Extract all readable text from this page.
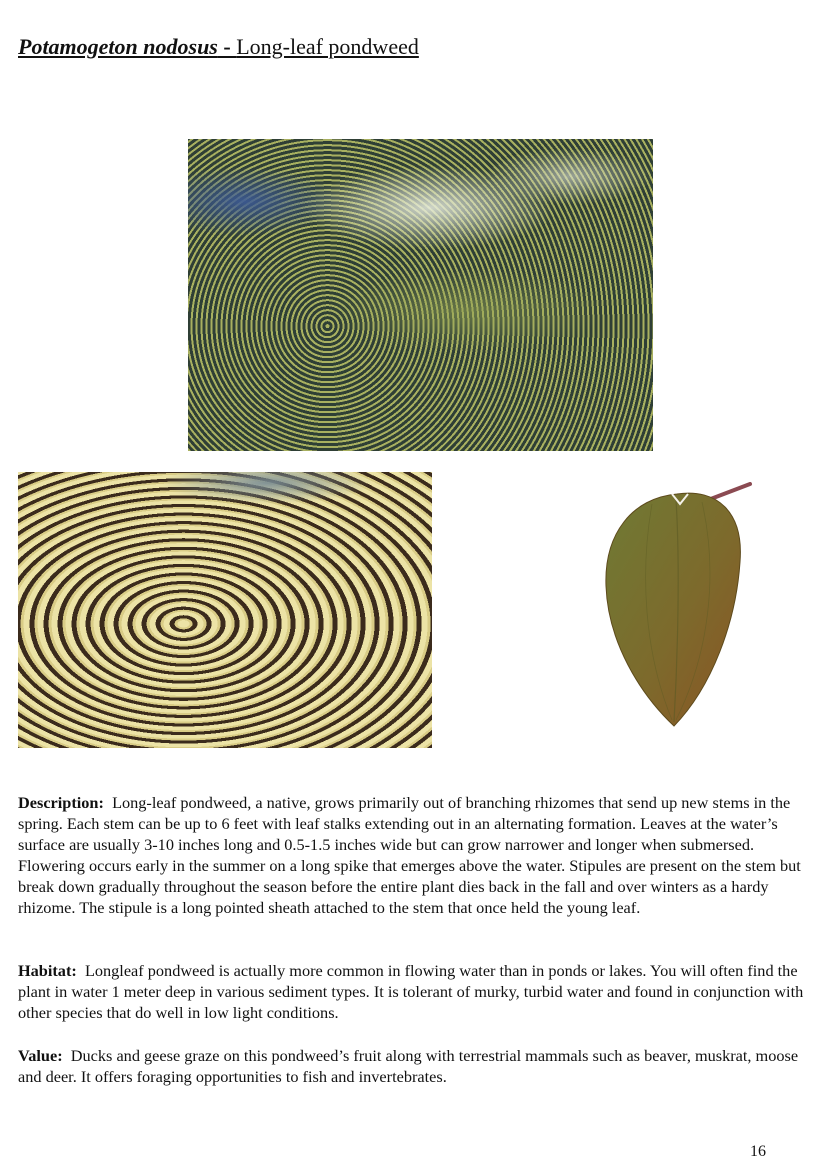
Potamogeton nodosus - Long-leaf pondweed

Description: Long-leaf pondweed, a native, grows primarily out of branching rhizomes that send up new stems in the spring. Each stem can be up to 6 feet with leaf stalks extending out in an alternating formation. Leaves at the water’s surface are usually 3-10 inches long and 0.5-1.5 inches wide but can grow narrower and longer when submersed. Flowering occurs early in the summer on a long spike that emerges above the water. Stipules are present on the stem but break down gradually throughout the season before the entire plant dies back in the fall and over winters as a hardy rhizome. The stipule is a long pointed sheath attached to the stem that once held the young leaf.

Habitat: Longleaf pondweed is actually more common in flowing water than in ponds or lakes. You will often find the plant in water 1 meter deep in various sediment types. It is tolerant of murky, turbid water and found in conjunction with other species that do well in low light conditions.

Value: Ducks and geese graze on this pondweed’s fruit along with terrestrial mammals such as beaver, muskrat, moose and deer. It offers foraging opportunities to fish and invertebrates.

16
